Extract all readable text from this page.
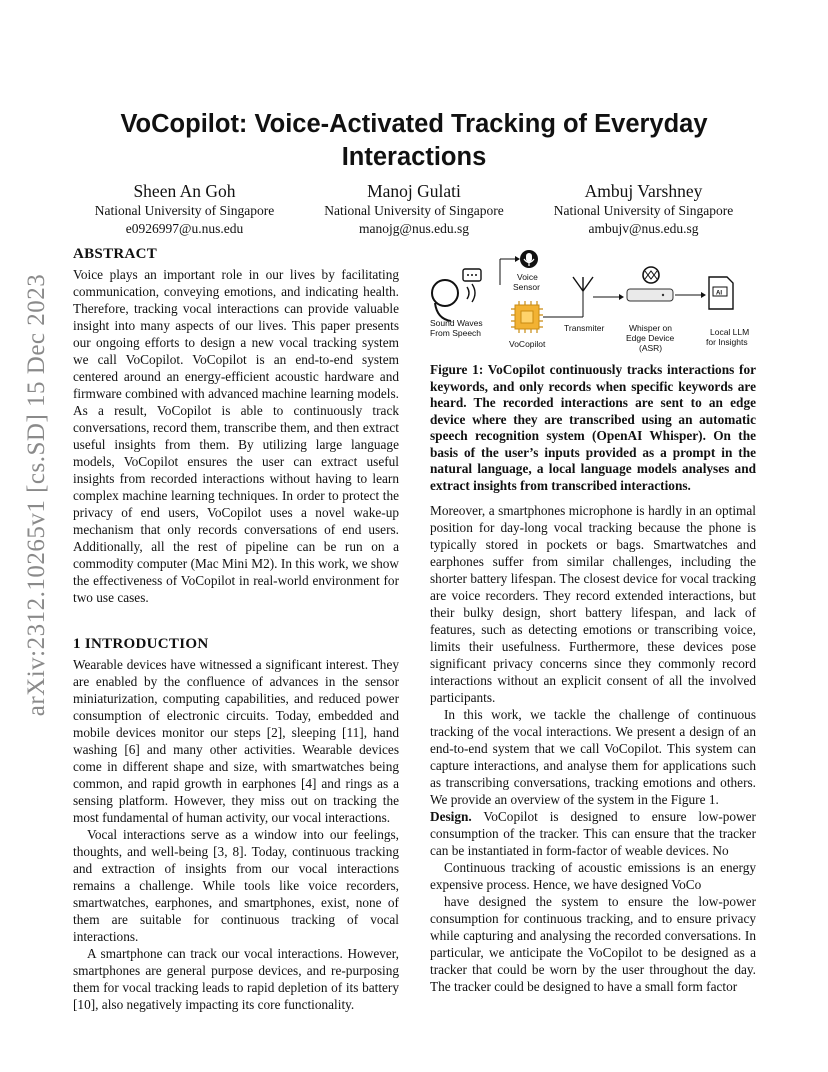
arXiv:2312.10265v1 [cs.SD] 15 Dec 2023
VoCopilot: Voice-Activated Tracking of Everyday Interactions
Sheen An Goh
National University of Singapore
e0926997@u.nus.edu
Manoj Gulati
National University of Singapore
manojg@nus.edu.sg
Ambuj Varshney
National University of Singapore
ambujv@nus.edu.sg
ABSTRACT

Voice plays an important role in our lives by facilitating communication, conveying emotions, and indicating health. Therefore, tracking vocal interactions can provide valuable insight into many aspects of our lives. This paper presents our ongoing efforts to design a new vocal tracking system we call VoCopilot. VoCopilot is an end-to-end system centered around an energy-efficient acoustic hardware and firmware combined with advanced machine learning models. As a result, VoCopilot is able to continuously track conversations, record them, transcribe them, and then extract useful insights from them. By utilizing large language models, VoCopilot ensures the user can extract useful insights from recorded interactions without having to learn complex machine learning techniques. In order to protect the privacy of end users, VoCopilot uses a novel wake-up mechanism that only records conversations of end users. Additionally, all the rest of pipeline can be run on a commodity computer (Mac Mini M2). In this work, we show the effectiveness of VoCopilot in real-world environment for two use cases.

1 INTRODUCTION

Wearable devices have witnessed a significant interest. They are enabled by the confluence of advances in the sensor miniaturization, computing capabilities, and reduced power consumption of electronic circuits. Today, embedded and mobile devices monitor our steps [2], sleeping [11], hand washing [6] and many other activities. Wearable devices come in different shape and size, with smartwatches being common, and rapid growth in earphones [4] and rings as a sensing platform. However, they miss out on tracking the most fundamental of human activity, our vocal interactions.

Vocal interactions serve as a window into our feelings, thoughts, and well-being [3, 8]. Today, continuous tracking and extraction of insights from our vocal interactions remains a challenge. While tools like voice recorders, smartwatches, earphones, and smartphones, exist, none of them are suitable for continuous tracking of vocal interactions.

A smartphone can track our vocal interactions. However, smartphones are general purpose devices, and re-purposing them for vocal tracking leads to rapid depletion of its battery [10], also negatively impacting its core functionality.

Sound Waves From Speech
Voice Sensor
VoCopilot
Transmiter	Whisper on Edge Device (ASR)
AI
Local LLM for Insights
Figure 1: VoCopilot continuously tracks interactions for keywords, and only records when specific keywords are heard. The recorded interactions are sent to an edge device where they are transcribed using an automatic speech recognition system (OpenAI Whisper). On the basis of the user’s inputs provided as a prompt in the natural language, a local language models analyses and extract insights from transcribed interactions.

Moreover, a smartphones microphone is hardly in an optimal position for day-long vocal tracking because the phone is typically stored in pockets or bags. Smartwatches and earphones suffer from similar challenges, including the shorter battery lifespan. The closest device for vocal tracking are voice recorders. They record extended interactions, but their bulky design, short battery lifespan, and lack of features, such as detecting emotions or transcribing voice, limits their usefulness. Furthermore, these devices pose significant privacy concerns since they commonly record interactions without an explicit consent of all the involved participants.

In this work, we tackle the challenge of continuous tracking of the vocal interactions. We present a design of an end-to-end system that we call VoCopilot. This system can capture interactions, and analyse them for applications such as transcribing conversations, tracking emotions and others. We provide an overview of the system in the Figure 1.

Design. VoCopilot is designed to ensure low-power consumption of the tracker. This can ensure that the tracker can be instantiated in form-factor of weable devices. No

Continuous tracking of acoustic emissions is an energy expensive process. Hence, we have designed VoCo

have designed the system to ensure the low-power consumption for continuous tracking, and to ensure privacy while capturing and analysing the recorded conversations. In particular, we anticipate the VoCopilot to be designed as a tracker that could be worn by the user throughout the day. The tracker could be designed to have a small form factor
